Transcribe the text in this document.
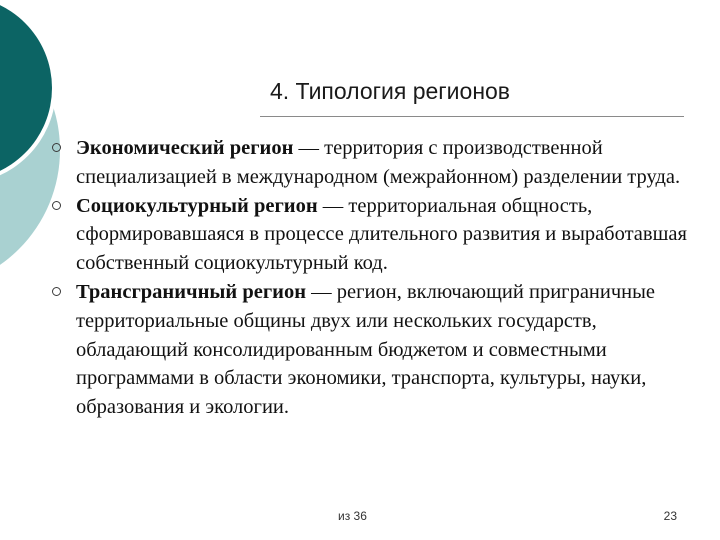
4. Типология регионов
Экономический регион — территория с производственной специализацией в международном (межрайонном) разделении труда.
Социокультурный регион — территориальная общность, сформировавшаяся в процессе длительного развития и выработавшая собственный социокультурный код.
Трансграничный регион — регион, включающий приграничные территориальные общины двух или нескольких государств, обладающий консолидированным бюджетом и совместными программами в области экономики, транспорта, культуры, науки, образования и экологии.
из 36	23
